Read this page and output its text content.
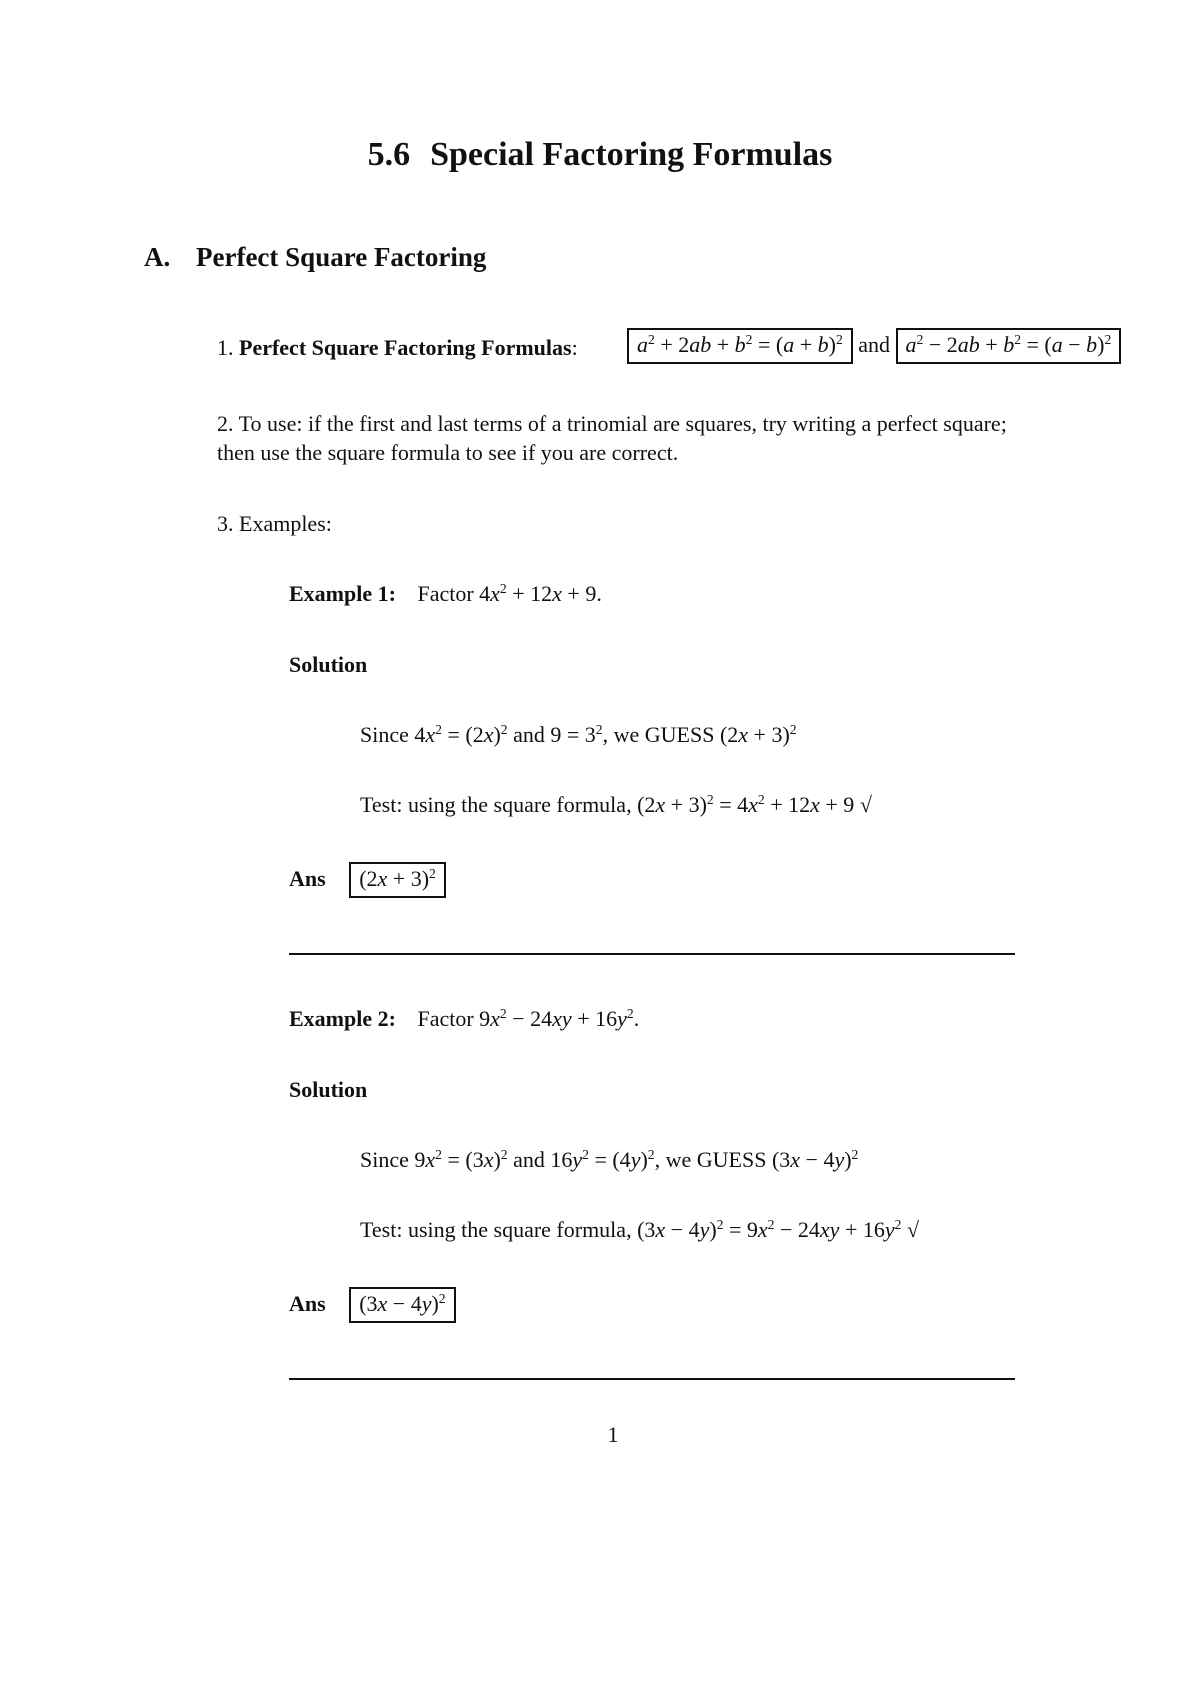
5.6 Special Factoring Formulas
A. Perfect Square Factoring
1. Perfect Square Factoring Formulas:	$a^2 + 2ab + b^2 = (a + b)^2$ and $a^2 - 2ab + b^2 = (a - b)^2$
2. To use: if the first and last terms of a trinomial are squares, try writing a perfect square;
then use the square formula to see if you are correct.
3. Examples:
Example 1: Factor $4x^2 + 12x + 9$.
Solution
Since $4x^2 = (2x)^2$ and $9 = 3^2$, we GUESS $(2x + 3)^2$
Test: using the square formula, $(2x + 3)^2 = 4x^2 + 12x + 9$ √
Ans $(2x + 3)^2$
Example 2: Factor $9x^2 - 24xy + 16y^2$.
Solution
Since $9x^2 = (3x)^2$ and $16y^2 = (4y)^2$, we GUESS $(3x - 4y)^2$
Test: using the square formula, $(3x - 4y)^2 = 9x^2 - 24xy + 16y^2$ √
Ans $(3x - 4y)^2$
1
